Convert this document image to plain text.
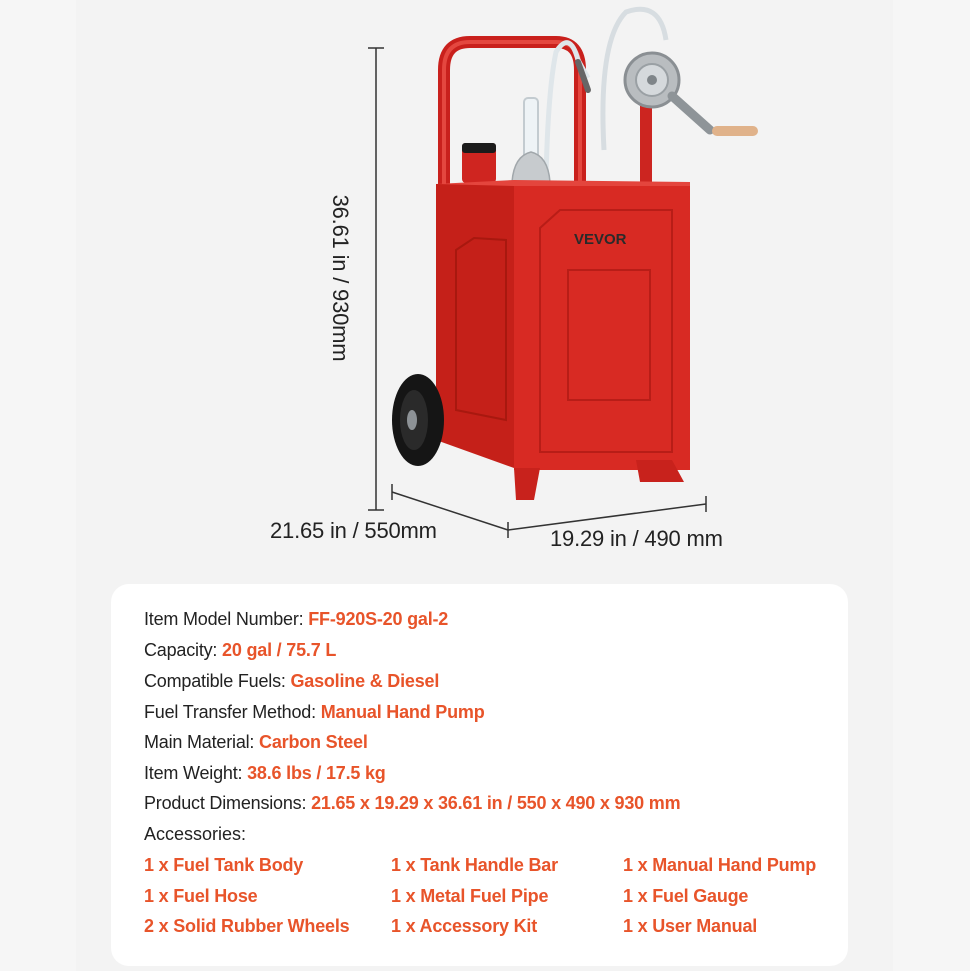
VEVOR
36.61 in / 930mm
21.65 in / 550mm	19.29 in / 490 mm
Item Model Number: FF-920S-20 gal-2
Capacity: 20 gal / 75.7 L
Compatible Fuels: Gasoline & Diesel
Fuel Transfer Method: Manual Hand Pump
Main Material: Carbon Steel
Item Weight: 38.6 lbs / 17.5 kg
Product Dimensions: 21.65 x 19.29 x 36.61 in / 550 x 490 x 930 mm
Accessories:
1 x Fuel Tank Body	1 x Tank Handle Bar	1 x Manual Hand Pump
1 x Fuel Hose	1 x Metal Fuel Pipe	1 x Fuel Gauge
2 x Solid Rubber Wheels 1 x Accessory Kit	1 x User Manual
